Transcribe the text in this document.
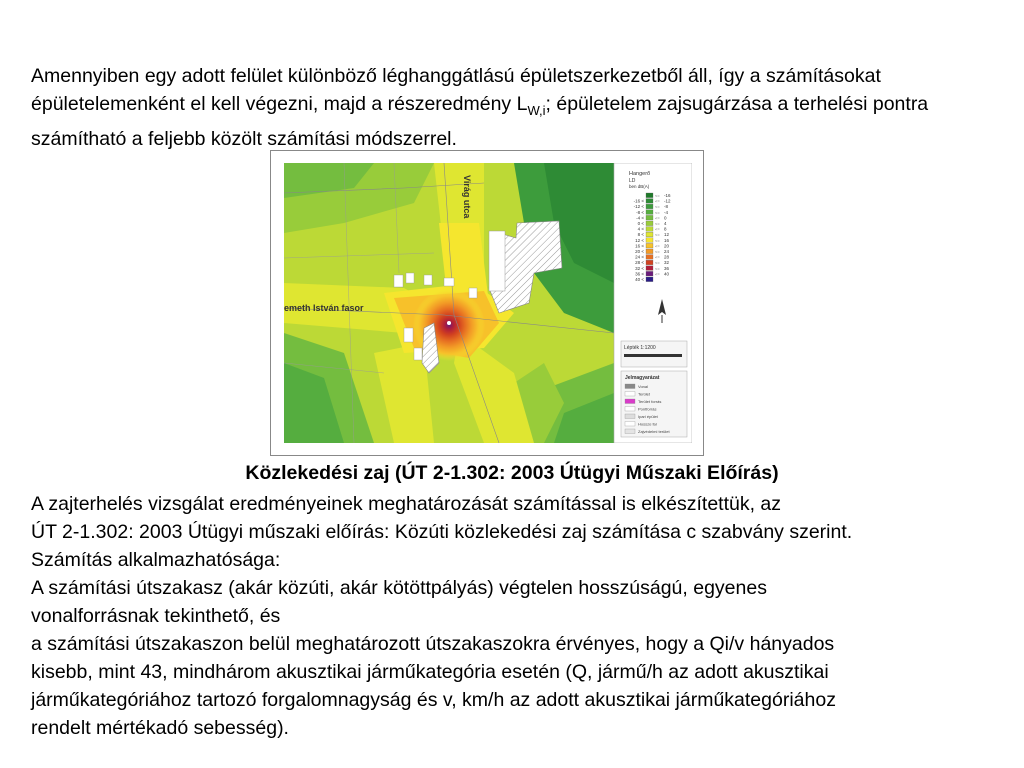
Amennyiben egy adott felület különböző léghanggátlású épületszerkezetből áll, így a számításokat épületelemenként el kell végezni, majd a részeredmény $L_{W,i}$; épületelem zajsugárzása a terhelési pontra számítható a feljebb közölt számítási módszerrel.

Virág utca
emeth István fasor
Hangerő
LD
ben dB(A)
<= -16
-16 <	<= -12
-12 <	<= -8
-8 <	<= -4
-4 <	<= 0
0 <	<= 4
4 <	<= 8
8 <	<= 12
12 <	<= 16
16 <	<= 20
20 <	<= 24
24 <	<= 28
28 <	<= 32
32 <	<= 36
36 <	<= 40
40 <
Lépték 1:1200
Jelmagyarázat
Vonal
Terület
Terület forrás
Pontforrás
Ipari épület
Hosszú fal
Zajvédelmi terület
Közlekedési zaj (ÚT 2-1.302: 2003 Útügyi Műszaki Előírás)
A zajterhelés vizsgálat eredményeinek meghatározását számítással is elkészítettük, az
ÚT 2-1.302: 2003 Útügyi műszaki előírás: Közúti közlekedési zaj számítása c szabvány szerint.
Számítás alkalmazhatósága:
A számítási útszakasz (akár közúti, akár kötöttpályás) végtelen hosszúságú, egyenes
vonalforrásnak tekinthető, és
a számítási útszakaszon belül meghatározott útszakaszokra érvényes, hogy a Qi/v hányados
kisebb, mint 43, mindhárom akusztikai járműkategória esetén (Q, jármű/h az adott akusztikai
járműkategóriához tartozó forgalomnagyság és v, km/h az adott akusztikai járműkategóriához
rendelt mértékadó sebesség).
